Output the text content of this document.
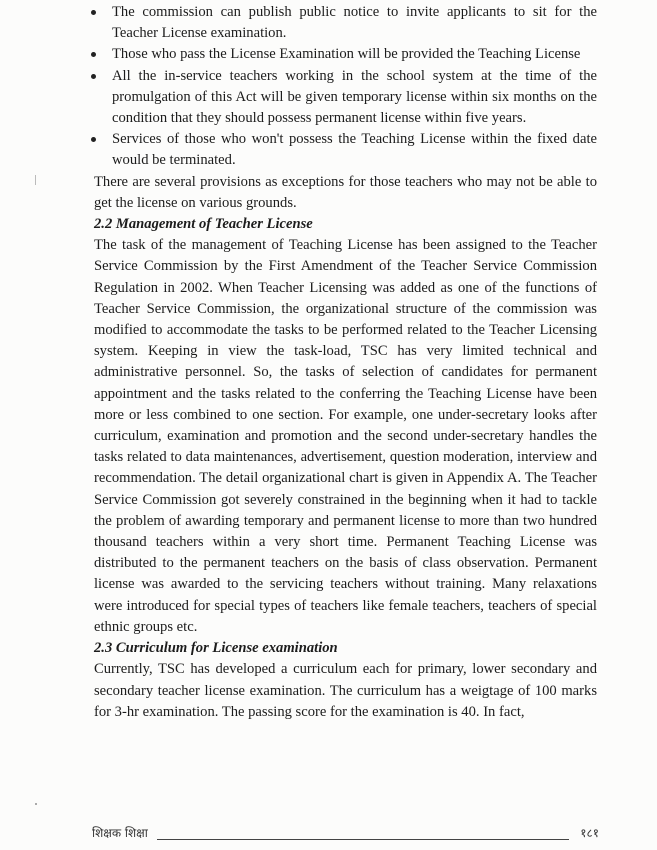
The commission can publish public notice to invite applicants to sit for the Teacher License examination.
Those who pass the License Examination will be provided the Teaching License
All the in-service teachers working in the school system at the time of the promulgation of this Act will be given temporary license within six months on the condition that they should possess permanent license within five years.
Services of those who won't possess the Teaching License within the fixed date would be terminated.

There are several provisions as exceptions for those teachers who may not be able to get the license on various grounds.

2.2 Management of Teacher License

The task of the management of Teaching License has been assigned to the Teacher Service Commission by the First Amendment of the Teacher Service Commission Regulation in 2002. When Teacher Licensing was added as one of the functions of Teacher Service Commission, the organizational structure of the commission was modified to accommodate the tasks to be performed related to the Teacher Licensing system. Keeping in view the task-load, TSC has very limited technical and administrative personnel. So, the tasks of selection of candidates for permanent appointment and the tasks related to the conferring the Teaching License have been more or less combined to one section. For example, one under-secretary looks after curriculum, examination and promotion and the second under-secretary handles the tasks related to data maintenances, advertisement, question moderation, interview and recommendation. The detail organizational chart is given in Appendix A. The Teacher Service Commission got severely constrained in the beginning when it had to tackle the problem of awarding temporary and permanent license to more than two hundred thousand teachers within a very short time. Permanent Teaching License was distributed to the permanent teachers on the basis of class observation. Permanent license was awarded to the servicing teachers without training. Many relaxations were introduced for special types of teachers like female teachers, teachers of special ethnic groups etc.

2.3 Curriculum for License examination

Currently, TSC has developed a curriculum each for primary, lower secondary and secondary teacher license examination. The curriculum has a weigtage of 100 marks for 3-hr examination. The passing score for the examination is 40. In fact,

शिक्षक शिक्षा	१८१
